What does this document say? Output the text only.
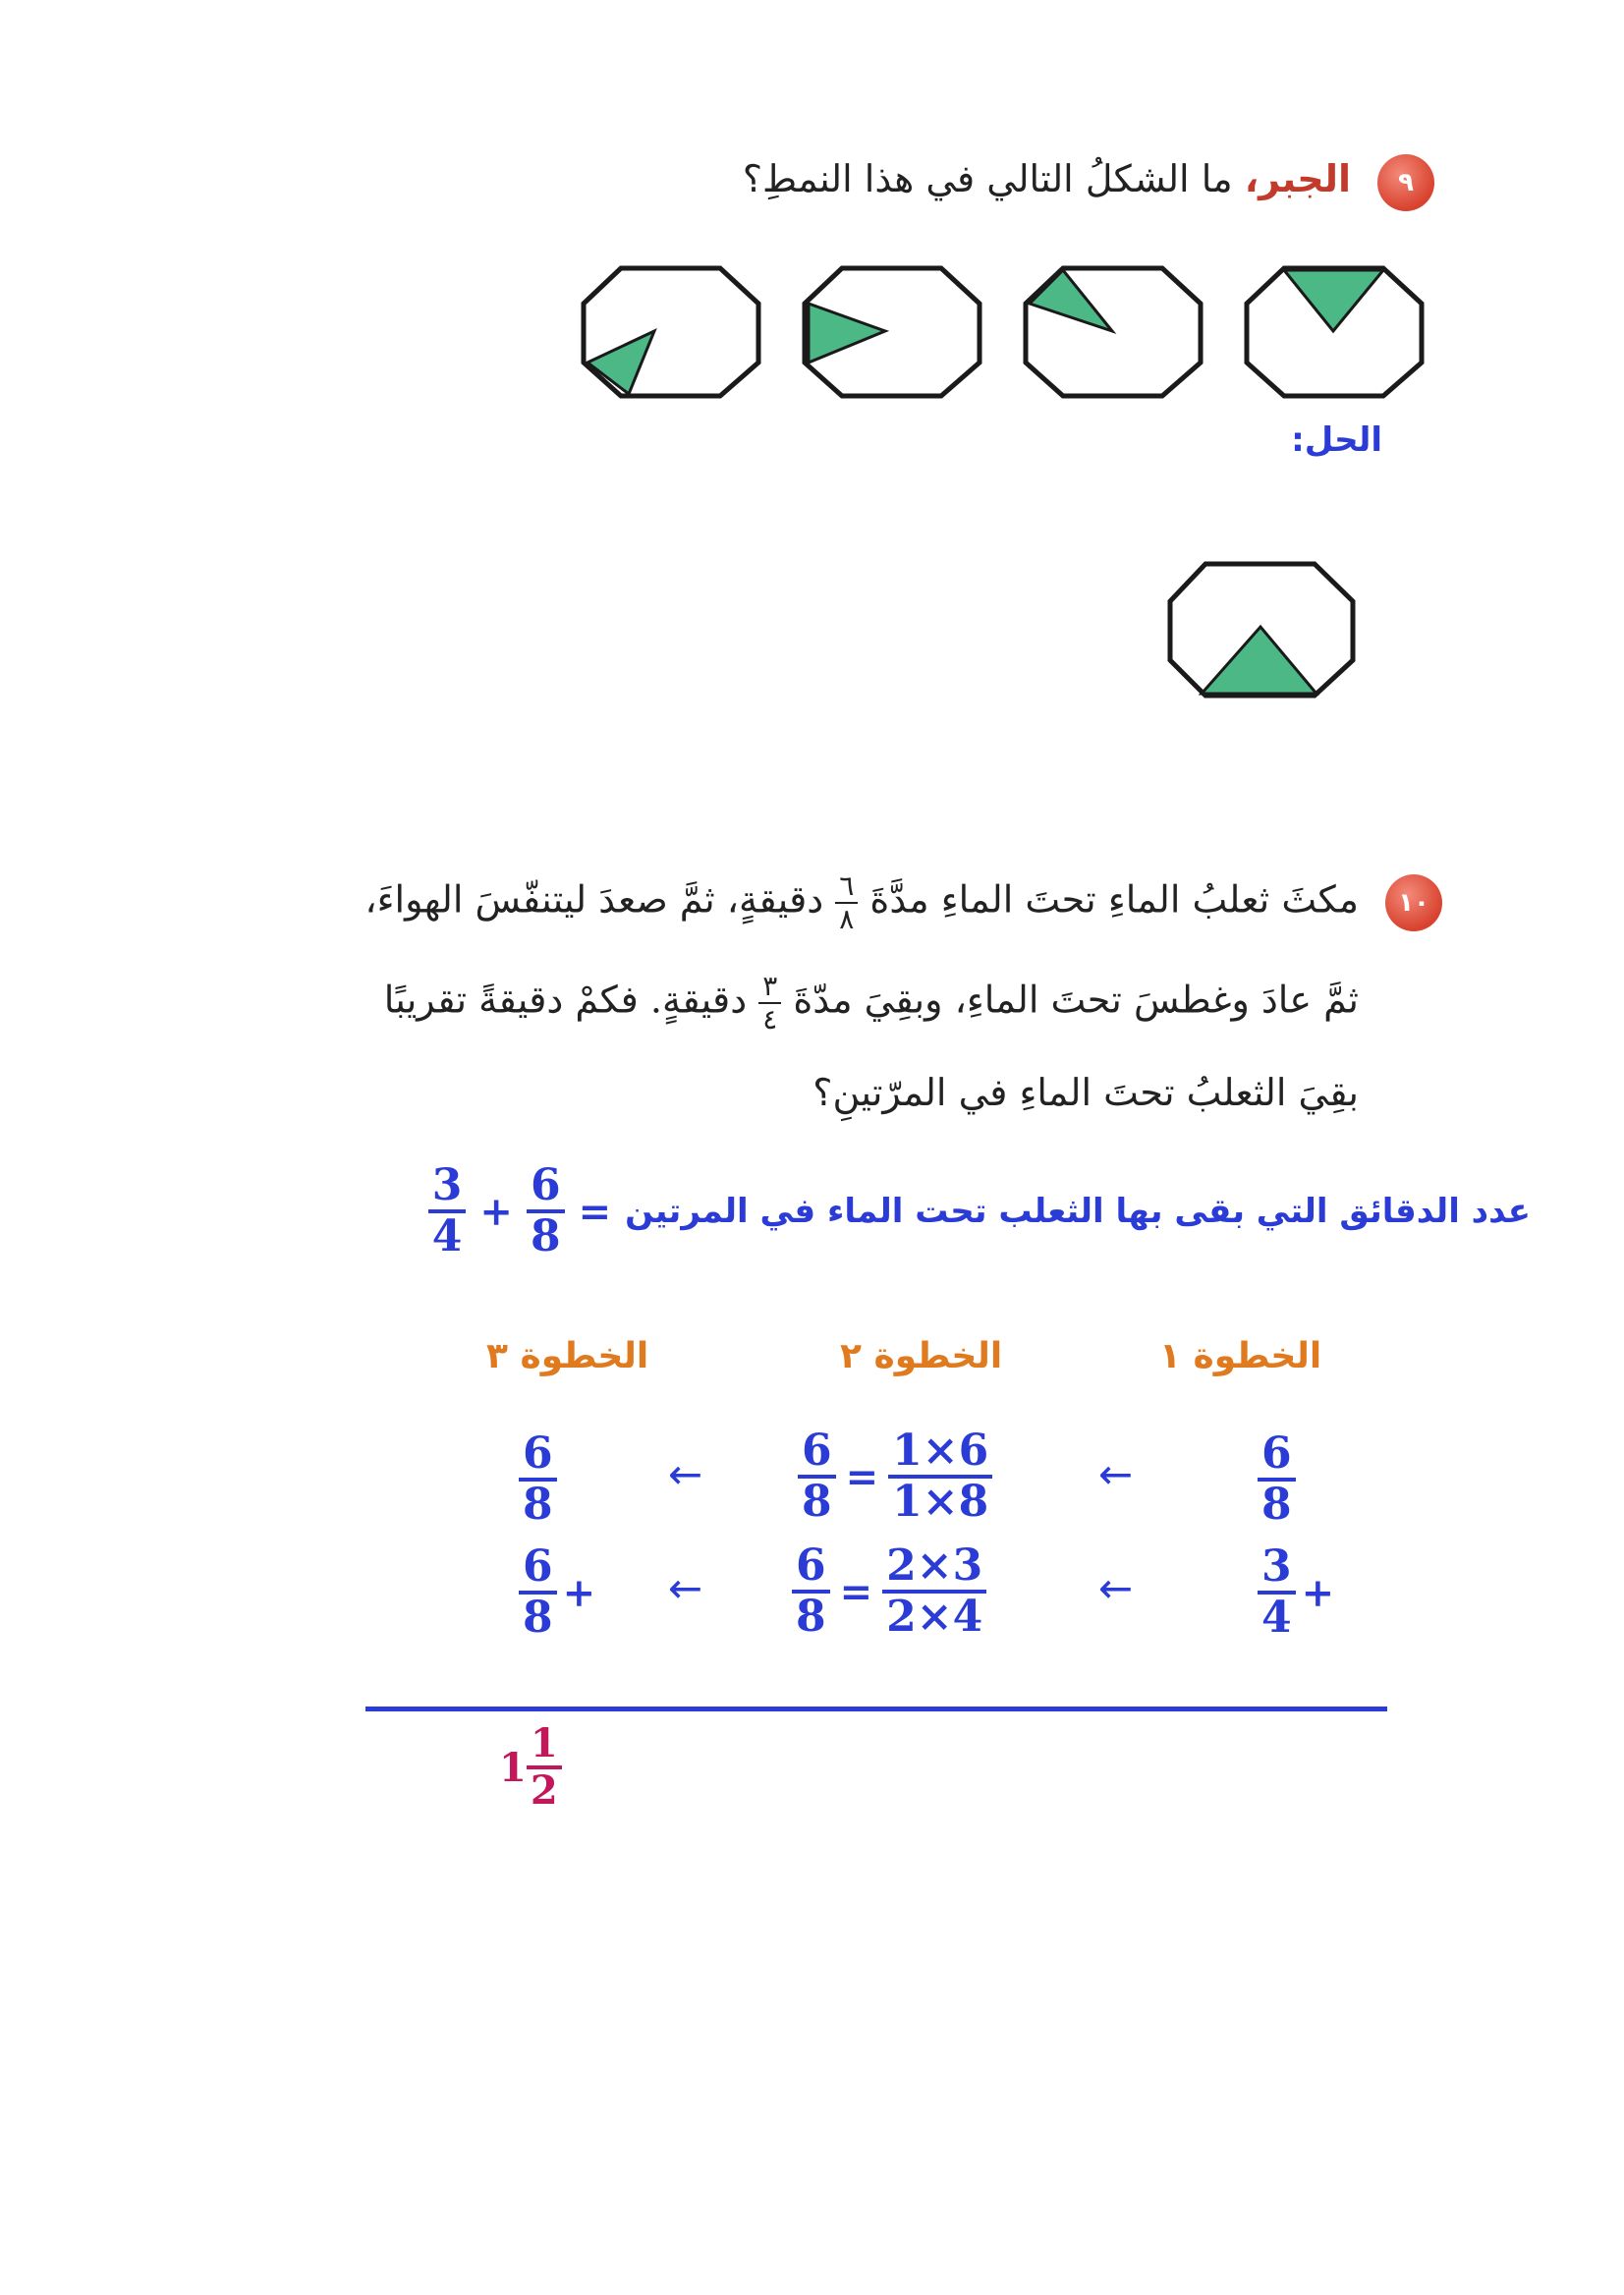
٩
الجبر، ما الشكلُ التالي في هذا النمطِ؟
الحل:
١٠
مكثَ ثعلبُ الماءِ تحتَ الماءِ مدَّةَ
$\frac{٦}{٨}$
دقيقةٍ، ثمَّ صعدَ ليتنفّسَ الهواءَ،
ثمَّ عادَ وغطسَ تحتَ الماءِ، وبقِيَ مدّةَ
$\frac{٣}{٤}$
دقيقةٍ. فكمْ دقيقةً تقريبًا
بقِيَ الثعلبُ تحتَ الماءِ في المرّتينِ؟
عدد الدقائق التي بقى بها الثعلب تحت الماء في المرتين
=
$\frac{6}{8}$
+
$\frac{3}{4}$
الخطوة ١
الخطوة ٢
الخطوة ٣
$\frac{6}{8}$
←
$\frac{6}{8} = \frac{1\times 6}{1\times 8}$
←
$\frac{6}{8}$
$\frac{3}{4}$ +
←
$\frac{6}{8} = \frac{2\times 3}{2\times 4}$
←
$\frac{6}{8}$ +
$1 \frac{1}{2}$
